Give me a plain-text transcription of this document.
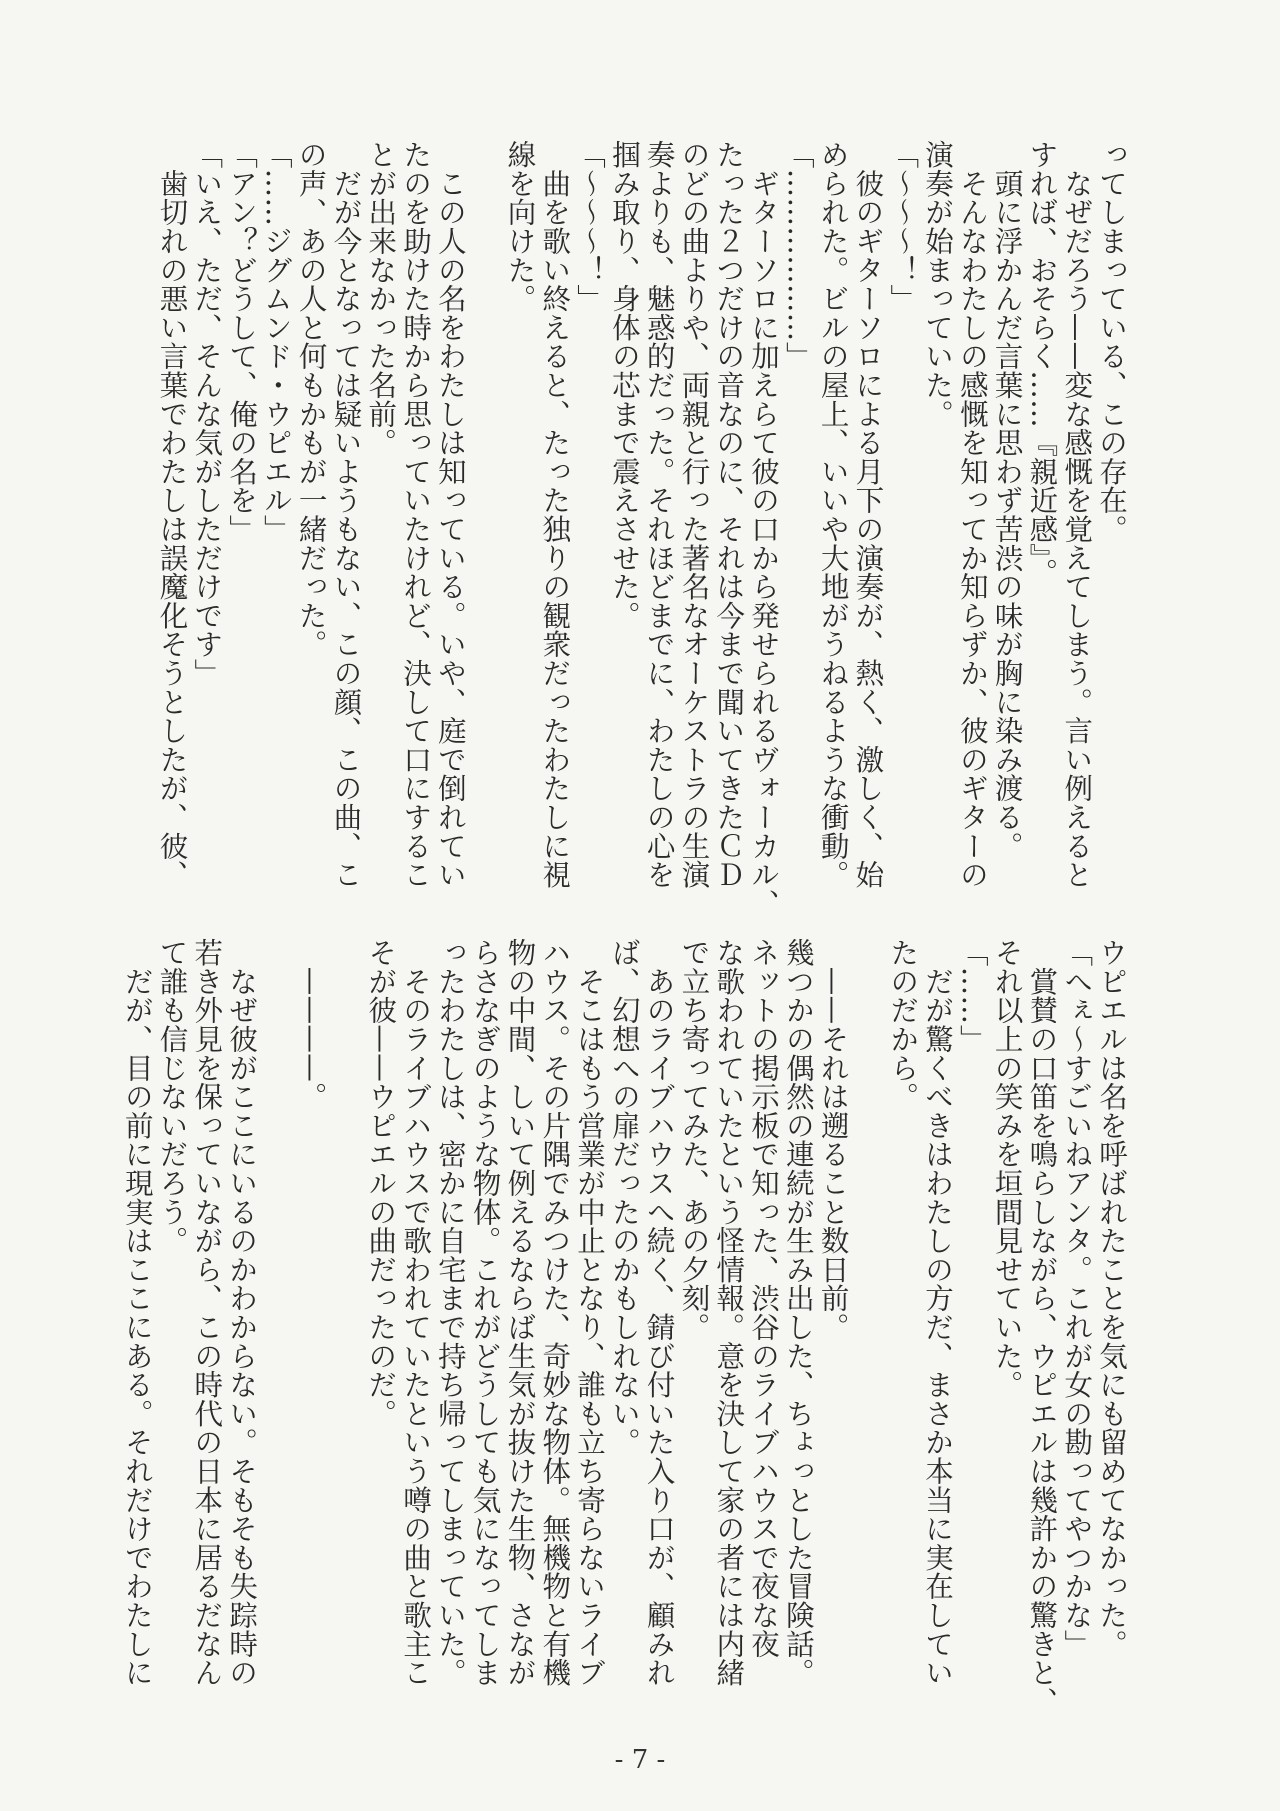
ってしまっている、この存在。
　なぜだろう——変な感慨を覚えてしまう。言い例えると
すれば、おそらく……『親近感』。
　頭に浮かんだ言葉に思わず苦渋の味が胸に染み渡る。
　そんなわたしの感慨を知ってか知らずか、彼のギターの
演奏が始まっていた。
「〜〜〜！」
　彼のギターソロによる月下の演奏が、熱く、激しく、始
められた。ビルの屋上、いいや大地がうねるような衝動。
「………………」
　ギターソロに加えらて彼の口から発せられるヴォーカル、
たった２つだけの音なのに、それは今まで聞いてきたＣＤ
のどの曲よりや、両親と行った著名なオーケストラの生演
奏よりも、魅惑的だった。それほどまでに、わたしの心を
掴み取り、身体の芯まで震えさせた。
「〜〜〜！」
　曲を歌い終えると、たった独りの観衆だったわたしに視
線を向けた。
　この人の名をわたしは知っている。いや、庭で倒れてい
たのを助けた時から思っていたけれど、決して口にするこ
とが出来なかった名前。
　だが今となっては疑いようもない、この顔、この曲、こ
の声、あの人と何もかもが一緒だった。
「……ジグムンド・ウピエル」
「アン？どうして、俺の名を」
「いえ、ただ、そんな気がしただけです」
　歯切れの悪い言葉でわたしは誤魔化そうとしたが、彼、
ウピエルは名を呼ばれたことを気にも留めてなかった。
「へぇ〜すごいねアンタ。これが女の勘ってやつかな」
　賞賛の口笛を鳴らしながら、ウピエルは幾許かの驚きと、
それ以上の笑みを垣間見せていた。
「……」
　だが驚くべきはわたしの方だ、まさか本当に実在してい
たのだから。
　——それは遡ること数日前。
幾つかの偶然の連続が生み出した、ちょっとした冒険話。
ネットの掲示板で知った、渋谷のライブハウスで夜な夜
な歌われていたという怪情報。意を決して家の者には内緒
で立ち寄ってみた、あの夕刻。
　あのライブハウスへ続く、錆び付いた入り口が、顧みれ
ば、幻想への扉だったのかもしれない。
　そこはもう営業が中止となり、誰も立ち寄らないライブ
ハウス。その片隅でみつけた、奇妙な物体。無機物と有機
物の中間、しいて例えるならば生気が抜けた生物、さなが
らさなぎのような物体。これがどうしても気になってしま
ったわたしは、密かに自宅まで持ち帰ってしまっていた。
　そのライブハウスで歌われていたという噂の曲と歌主こ
そが彼——ウピエルの曲だったのだ。
　————。
　なぜ彼がここにいるのかわからない。そもそも失踪時の
若き外見を保っていながら、この時代の日本に居るだなん
て誰も信じないだろう。
　だが、目の前に現実はここにある。それだけでわたしに
- 7 -
